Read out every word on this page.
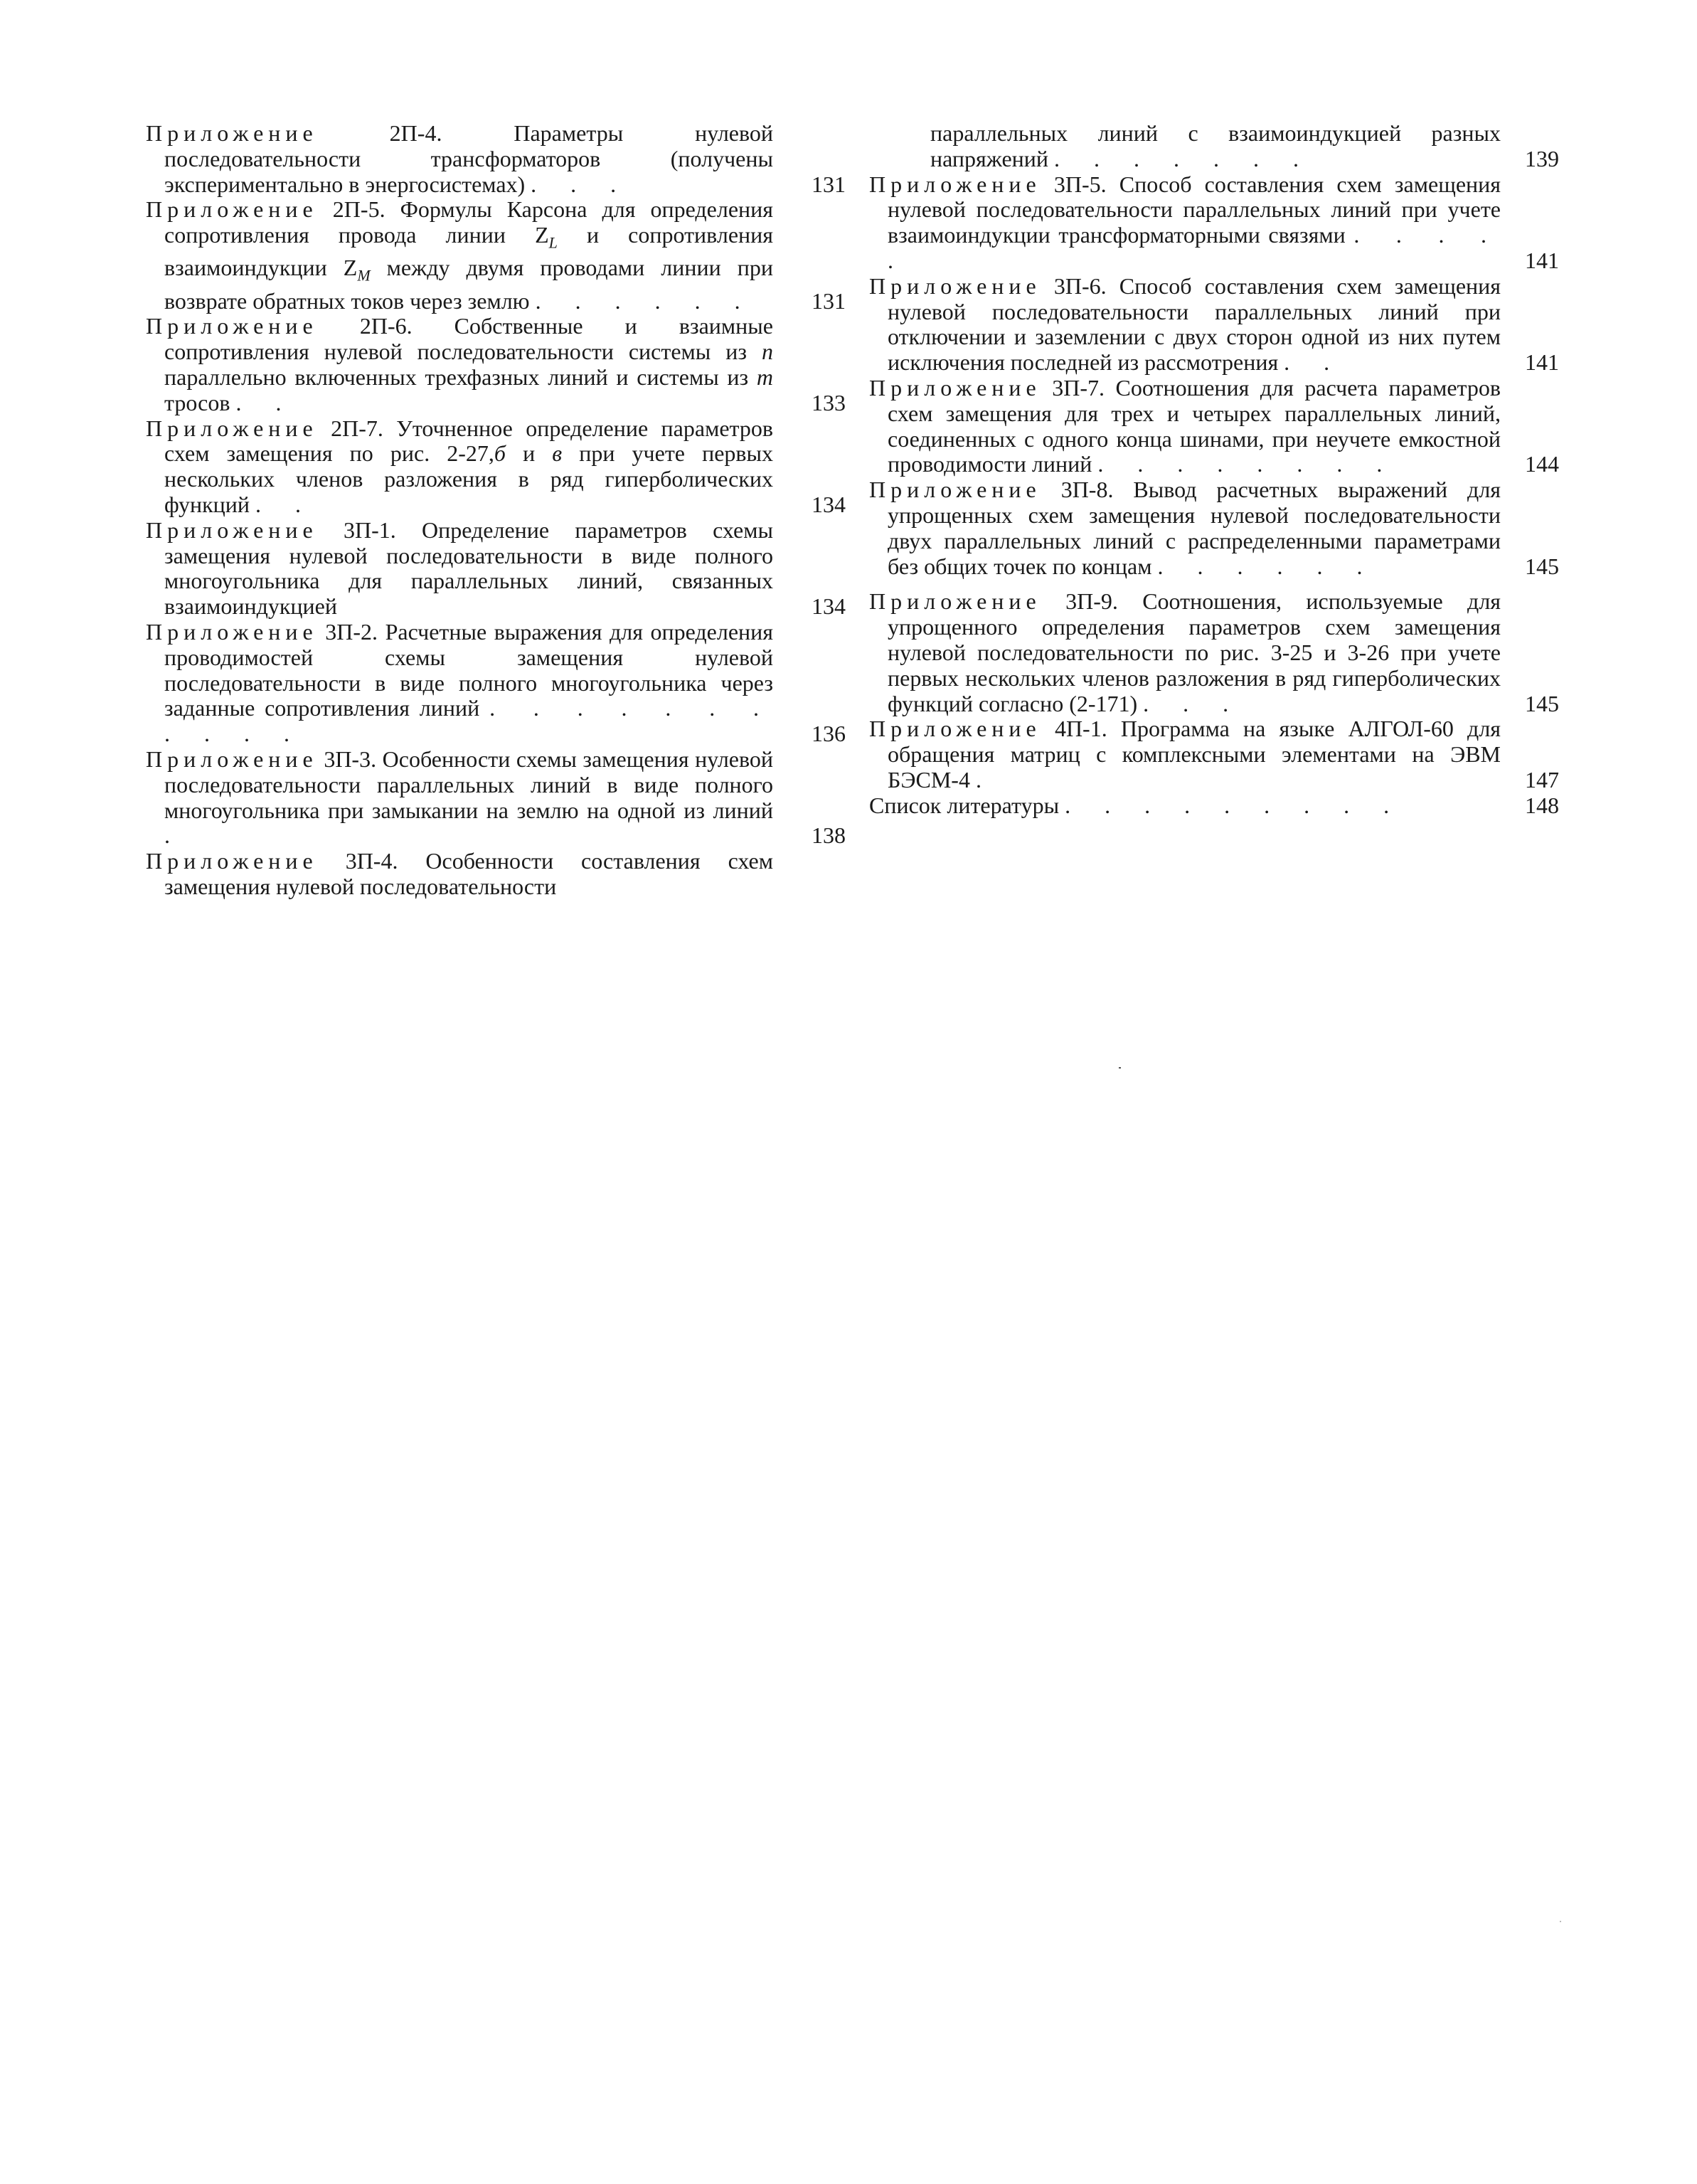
Приложение	2П-4. Параметры нулевой последовательности трансформаторов (получены экспериментально в энергосистемах) . . .	131
Приложение 2П-5. Формулы Карсона для определения сопротивления провода линии $Z_L$ и сопротивления взаимоиндукции $Z_M$ между двумя проводами линии при возврате обратных токов через землю . . . . . .	131
Приложение 2П-6. Собственные и взаимные сопротивления нулевой последовательности системы из n параллельно включенных трехфазных линий и системы из m тросов . .	133
Приложение 2П-7. Уточненное определение параметров схем замещения по рис. 2-27,б и в при учете первых нескольких членов разложения в ряд гиперболических функций . .	134
Приложение 3П-1. Определение параметров схемы замещения нулевой последовательности в виде полного многоугольника для параллельных линий, связанных взаимоиндукцией	134
Приложение 3П-2. Расчетные выражения для определения проводимостей схемы замещения нулевой последовательности в виде полного многоугольника через заданные сопротивления линий . . . . . . . . . . .	136
Приложение 3П-3. Особенности схемы замещения нулевой последовательности параллельных линий в виде полного многоугольника при замыкании на землю на одной из линий .	138
Приложение 3П-4. Особенности составления схем замещения нулевой последовательности
параллельных линий с взаимоиндукцией разных напряжений . . . . . . .	139
Приложение 3П-5. Способ составления схем замещения нулевой последовательности параллельных линий при учете взаимоиндукции трансформаторными связями . . . . .	141
Приложение 3П-6. Способ составления схем замещения нулевой последовательности параллельных линий при отключении и заземлении с двух сторон одной из них путем исключения последней из рассмотрения . .	141
Приложение 3П-7. Соотношения для расчета параметров схем замещения для трех и четырех параллельных линий, соединенных с одного конца шинами, при неучете емкостной проводимости линий . . . . . . . .	144
Приложение 3П-8. Вывод расчетных выражений для упрощенных схем замещения нулевой последовательности двух параллельных линий с распределенными параметрами без общих точек по концам . . . . . .	145
Приложение 3П-9. Соотношения, используемые для упрощенного определения параметров схем замещения нулевой последовательности по рис. 3-25 и 3-26 при учете первых нескольких членов разложения в ряд гиперболических функций согласно (2-171) . . .	145
Приложение 4П-1. Программа на языке АЛГОЛ-60 для обращения матриц с комплексными элементами на ЭВМ БЭСМ-4 .	147
Список литературы . . . . . . . . .	148
